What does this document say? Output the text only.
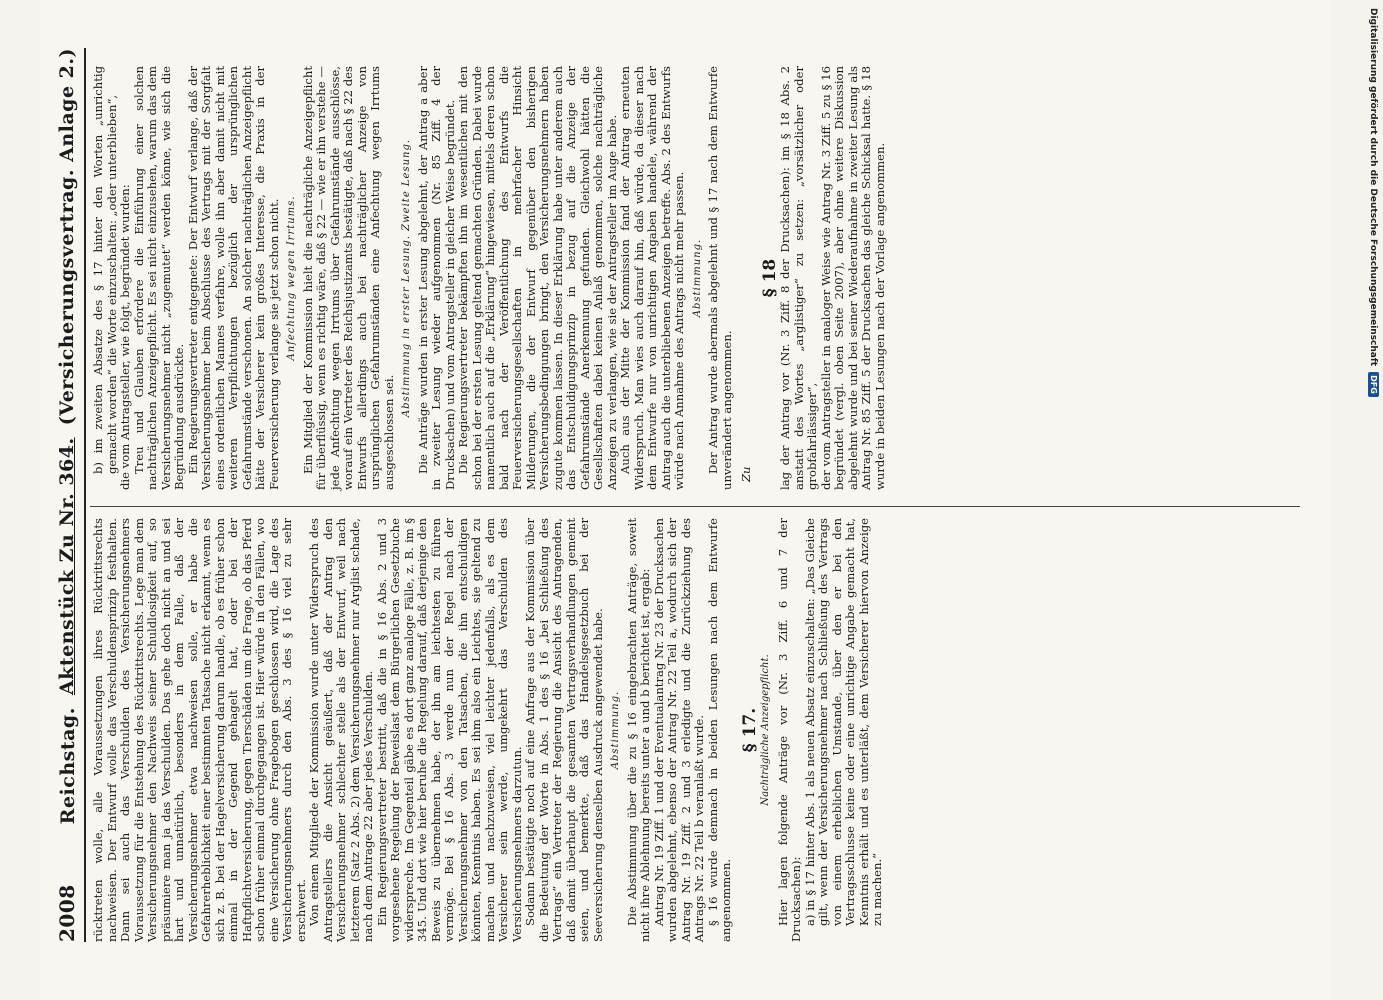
2008
Reichstag.
Aktenstück Zu Nr. 364.
(Versicherungsvertrag. Anlage 2.)

rücktreten wolle, alle Voraussetzungen ihres Rücktrittsrechts nachweisen. Der Entwurf wolle das Verschuldensprinzip festhalten. Dann sei auch das Verschulden des Versicherungsnehmers Voraussetzung für die Entstehung des Rücktrittsrechts. Lege man dem Versicherungsnehmer den Nachweis seiner Schuldlosigkeit auf, so präsumiere man ja das Verschulden. Das gehe doch nicht an und sei hart und unnatürlich, besonders in dem Falle, daß der Versicherungsnehmer etwa nachweisen solle, er habe die Gefahrerheblichkeit einer bestimmten Tatsache nicht erkannt, wenn es sich z. B. bei der Hagelversicherung darum handle, ob es früher schon einmal in der Gegend gehagelt hat, oder bei der Haftpflichtversicherung, gegen Tierschäden um die Frage, ob das Pferd schon früher einmal durchgegangen ist. Hier würde in den Fällen, wo eine Versicherung ohne Fragebogen geschlossen wird, die Lage des Versicherungsnehmers durch den Abs. 3 des § 16 viel zu sehr erschwert. Von einem Mitgliede der Kommission wurde unter Widerspruch des Antragstellers die Ansicht geäußert, daß der Antrag den Versicherungsnehmer schlechter stelle als der Entwurf, weil nach letzterem (Satz 2 Abs. 2) dem Versicherungsnehmer nur Arglist schade, nach dem Antrage 22 aber jedes Verschulden. Ein Regierungsvertreter bestritt, daß die in § 16 Abs. 2 und 3 vorgesehene Regelung der Beweislast dem Bürgerlichen Gesetzbuche widerspreche. Im Gegenteil gäbe es dort ganz analoge Fälle, z. B. im § 345. Und dort wie hier beruhe die Regelung darauf, daß derjenige den Beweis zu übernehmen habe, der ihn am leichtesten zu führen vermöge. Bei § 16 Abs. 3 werde nun der Regel nach der Versicherungsnehmer von den Tatsachen, die ihn entschuldigen könnten, Kenntnis haben. Es sei ihm also ein Leichtes, sie geltend zu machen und nachzuweisen, viel leichter jedenfalls, als es dem Versicherer sein werde, umgekehrt das Verschulden des Versicherungsnehmers darzutun. Sodann bestätigte noch auf eine Anfrage aus der Kommission über die Bedeutung der Worte in Abs. 1 des § 16 „bei Schließung des Vertrags“ ein Vertreter der Regierung die Ansicht des Antragenden, daß damit überhaupt die gesamten Vertragsverhandlungen gemeint seien, und bemerkte, daß das Handelsgesetzbuch bei der Seeversicherung denselben Ausdruck angewendet habe. Abstimmung. Die Abstimmung über die zu § 16 eingebrachten Anträge, soweit nicht ihre Ablehnung bereits unter a und b berichtet ist, ergab: Antrag Nr. 19 Ziff. 1 und der Eventualantrag Nr. 23 der Drucksachen wurden abgelehnt, ebenso der Antrag Nr. 22 Teil a, wodurch sich der Antrag Nr. 19 Ziff. 2 und 3 erledigte und die Zurückziehung des Antrags Nr. 22 Teil b veranlaßt wurde. § 16 wurde demnach in beiden Lesungen nach dem Entwurfe angenommen.

§ 17. Nachträgliche Anzeigepflicht. Hier lagen folgende Anträge vor (Nr. 3 Ziff. 6 und 7 der Drucksachen): a) in § 17 hinter Abs. 1 als neuen Absatz einzuschalten: „Das Gleiche gilt, wenn der Versicherungsnehmer nach Schließung des Vertrags von einem erheblichen Umstande, über den er bei den Vertragsschlusse keine oder eine unrichtige Angabe gemacht hat, Kenntnis erhält und es unterläßt, dem Versicherer hiervon Anzeige zu machen.“

b) im zweiten Absatze des § 17 hinter den Worten „unrichtig gemacht worden“ die Worte einzuschalten: „oder unterblieben“, die vom Antragsteller, wie folgt, begründet wurden: Treu und Glauben erfordere die Einführung einer solchen nachträglichen Anzeigepflicht. Es sei nicht einzusehen, warum das dem Versicherungsnehmer nicht „zugemutet“ werden könne, wie sich die Begründung ausdrückte. Ein Regierungsvertreter entgegnete: Der Entwurf verlange, daß der Versicherungsnehmer beim Abschlusse des Vertrags mit der Sorgfalt eines ordentlichen Mannes verfahre, wolle ihn aber damit nicht mit weiteren Verpflichtungen bezüglich der ursprünglichen Gefahrumstände verschonen. An solcher nachträglichen Anzeigepflicht hätte der Versicherer kein großes Interesse, die Praxis in der Feuerversicherung verlange sie jetzt schon nicht. Anfechtung wegen Irrtums. Ein Mitglied der Kommission hielt die nachträgliche Anzeigepflicht für überflüssig, wenn es richtig wäre, daß § 22 — wie er ihn verstehe — jede Anfechtung wegen Irrtums über Gefahrumstände ausschlösse, worauf ein Vertreter des Reichsjustizamts bestätigte, daß nach § 22 des Entwurfs allerdings auch bei nachträglicher Anzeige von ursprünglichen Gefahrumständen eine Anfechtung wegen Irrtums ausgeschlossen sei.

Abstimmung in erster Lesung. Zweite Lesung. Die Anträge wurden in erster Lesung abgelehnt, der Antrag a aber in zweiter Lesung wieder aufgenommen (Nr. 85 Ziff. 4 der Drucksachen) und vom Antragsteller in gleicher Weise begründet. Die Regierungsvertreter bekämpften ihn im wesentlichen mit den schon bei der ersten Lesung geltend gemachten Gründen. Dabei wurde namentlich auch auf die „Erklärung“ hingewiesen, mittels deren schon bald nach der Veröffentlichung des Entwurfs die Feuerversicherungsgesellschaften in mehrfacher Hinsicht Milderungen, die der Entwurf gegenüber den bisherigen Versicherungsbedingungen bringt, den Versicherungsnehmern haben zugute kommen lassen. In dieser Erklärung habe unter anderem auch das Entschuldigungsprinzip in bezug auf die Anzeige der Gefahrumstände Anerkennung gefunden. Gleichwohl hätten die Gesellschaften dabei keinen Anlaß genommen, solche nachträgliche Anzeigen zu verlangen, wie sie der Antragsteller im Auge habe. Auch aus der Mitte der Kommission fand der Antrag erneuten Widerspruch. Man wies auch darauf hin, daß würde, da dieser nach dem Entwurfe nur von unrichtigen Angaben handele, während der Antrag auch die unterbliebenen Anzeigen betreffe. Abs. 2 des Entwurfs würde nach Annahme des Antrags nicht mehr passen. Abstimmung. Der Antrag wurde abermals abgelehnt und § 17 nach dem Entwurfe unverändert angenommen. Zu

§ 18

lag der Antrag vor (Nr. 3 Ziff. 8 der Drucksachen): im § 18 Abs. 2 anstatt des Wortes „arglistiger“ zu setzen: „vorsätzlicher oder grobfahrlässiger“, der vom Antragsteller in analoger Weise wie Antrag Nr. 3 Ziff. 5 zu § 16 begründet (vergl. oben Seite 2007), aber ohne weitere Diskussion abgelehnt wurde und bei seiner Wiederaufnahme in zweiter Lesung als Antrag Nr. 85 Ziff. 5 der Drucksachen das gleiche Schicksal hatte. § 18 wurde in beiden Lesungen nach der Vorlage angenommen.	Digitalisierung gefördert durch die Deutsche Forschungsgemeinschaft
DFG
